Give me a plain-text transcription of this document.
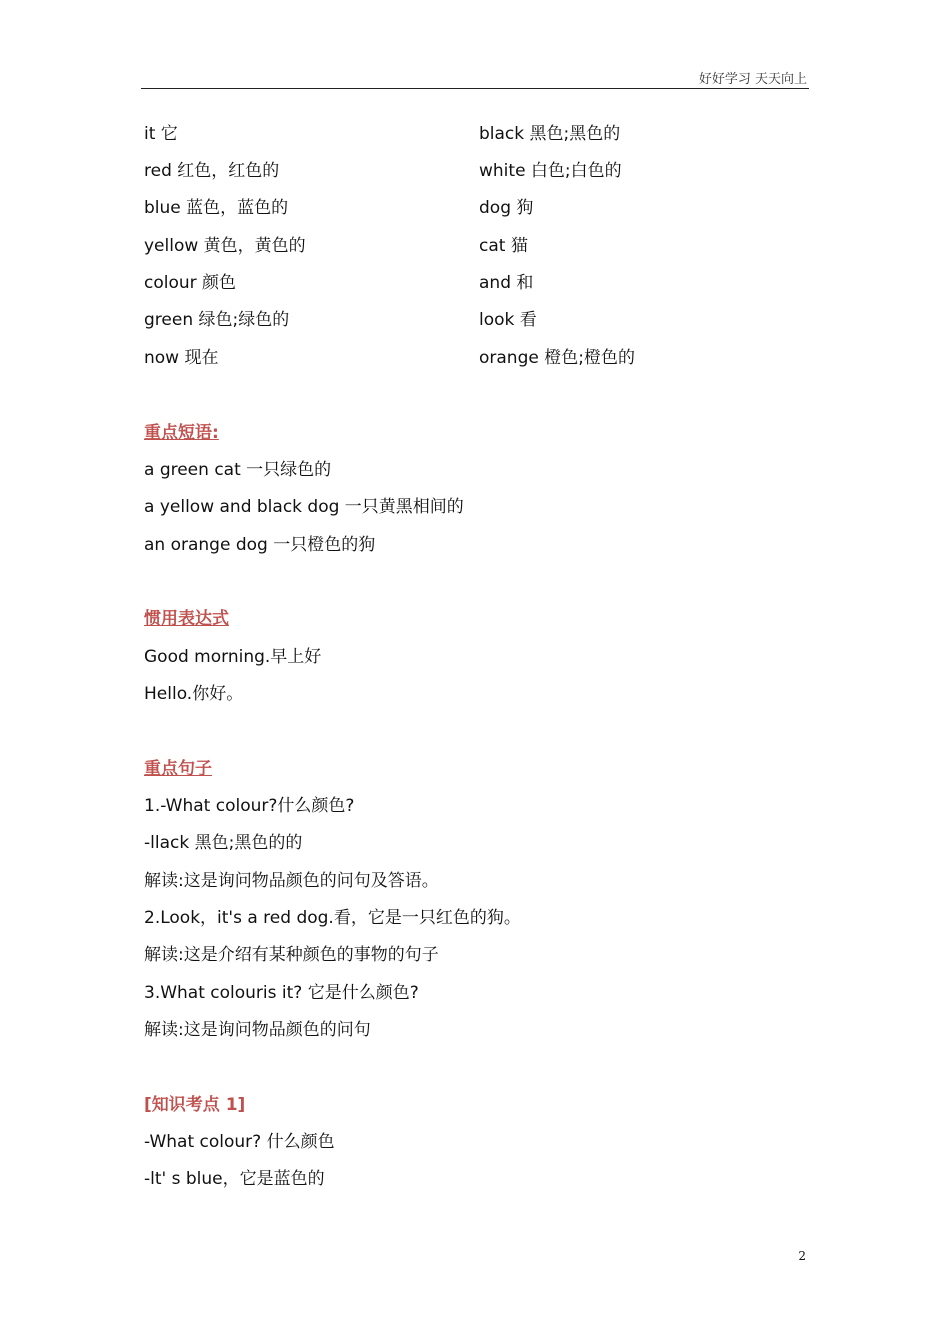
好好学习 天天向上
it 它
red 红色，红色的
blue 蓝色，蓝色的
yellow 黄色，黄色的
colour 颜色
green 绿色;绿色的
now 现在
black 黑色;黑色的
white 白色;白色的
dog 狗
cat 猫
and 和
look 看
orange 橙色;橙色的
重点短语:
a green cat 一只绿色的
a yellow and black dog 一只黄黑相间的
an orange dog 一只橙色的狗
惯用表达式
Good morning.早上好
Hello.你好。
重点句子
1.-What colour?什么颜色?
-llack 黑色;黑色的的
解读:这是询问物品颜色的问句及答语。
2.Look，it's a red dog.看，它是一只红色的狗。
解读:这是介绍有某种颜色的事物的句子
3.What colouris it? 它是什么颜色?
解读:这是询问物品颜色的问句
[知识考点 1]
-What colour? 什么颜色
-lt' s blue，它是蓝色的
2
